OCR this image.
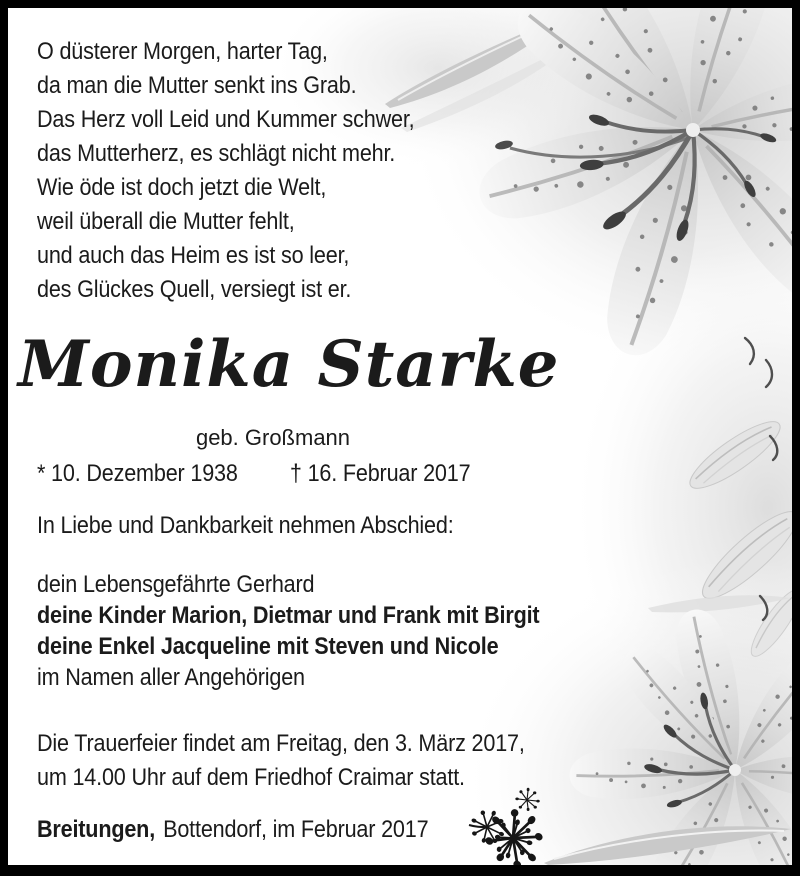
O düsterer Morgen, harter Tag,
da man die Mutter senkt ins Grab.
Das Herz voll Leid und Kummer schwer,
das Mutterherz, es schlägt nicht mehr.
Wie öde ist doch jetzt die Welt,
weil überall die Mutter fehlt,
und auch das Heim es ist so leer,
des Glückes Quell, versiegt ist er.
Monika Starke
geb. Großmann
* 10. Dezember 1938 † 16. Februar 2017
In Liebe und Dankbarkeit nehmen Abschied:
dein Lebensgefährte Gerhard
deine Kinder Marion, Dietmar und Frank mit Birgit
deine Enkel Jacqueline mit Steven und Nicole
im Namen aller Angehörigen
Die Trauerfeier findet am Freitag, den 3. März 2017,
um 14.00 Uhr auf dem Friedhof Craimar statt.
Breitungen, Bottendorf, im Februar 2017
